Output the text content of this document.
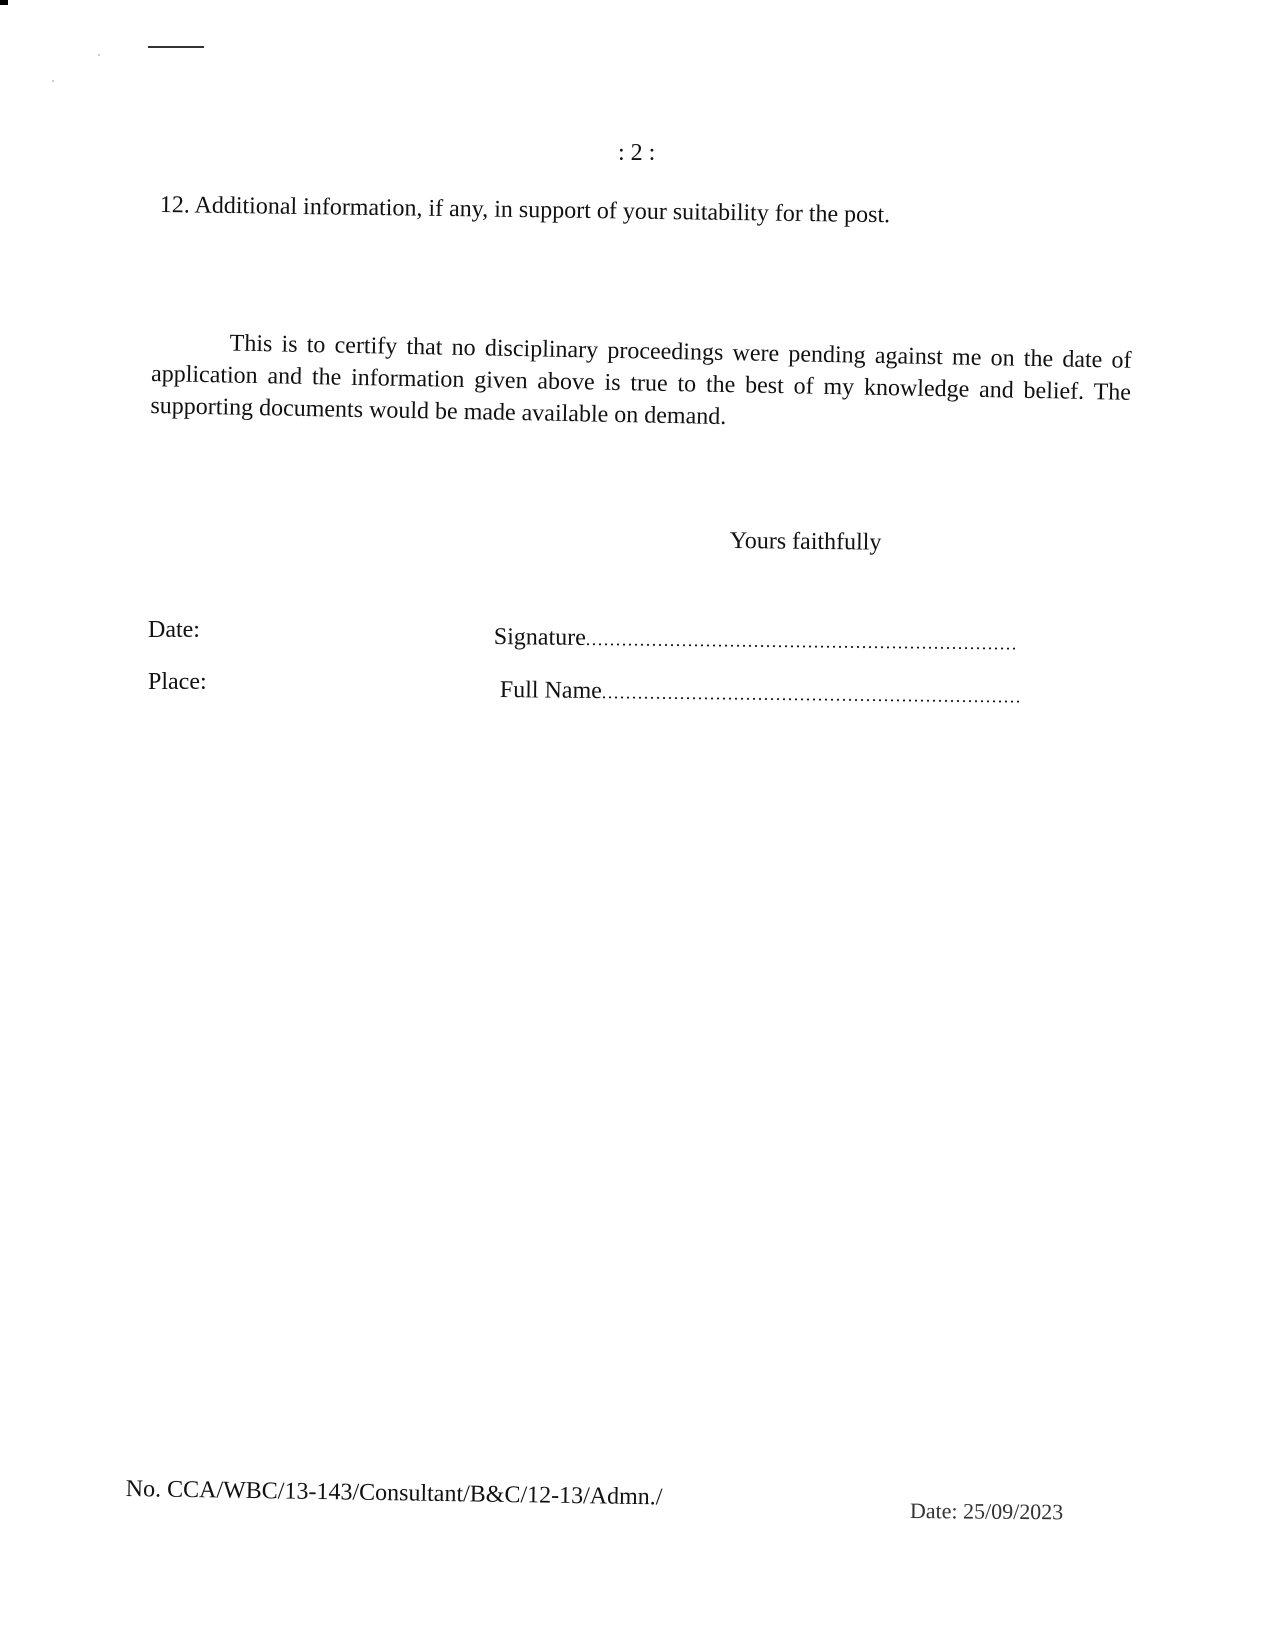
: 2 :
12. Additional information, if any, in support of your suitability for the post.
This is to certify that no disciplinary proceedings were pending against me on the date of application and the information given above is true to the best of my knowledge and belief. The supporting documents would be made available on demand.
Yours faithfully
Date:
Place:
Signature........................................................................
Full Name......................................................................
No. CCA/WBC/13-143/Consultant/B&C/12-13/Admn./
Date: 25/09/2023
